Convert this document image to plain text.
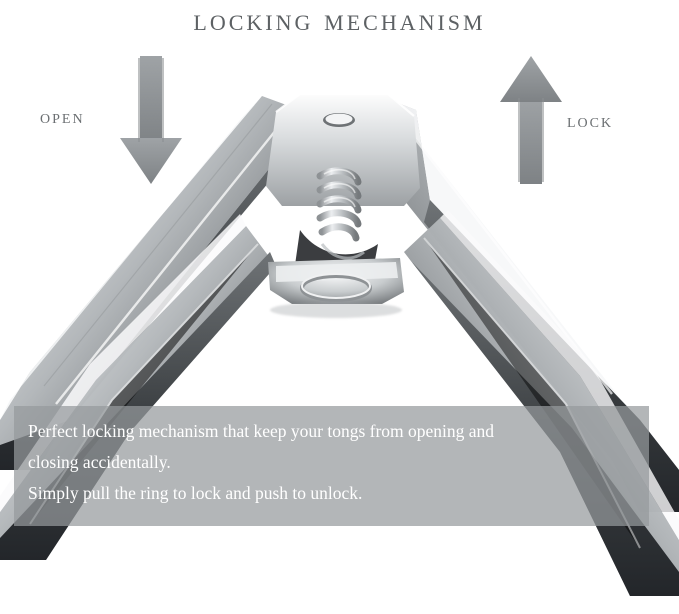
locking mechanism
open	lock
Perfect locking mechanism that keep your tongs from opening and
closing accidentally.
Simply pull the ring to lock and push to unlock.
